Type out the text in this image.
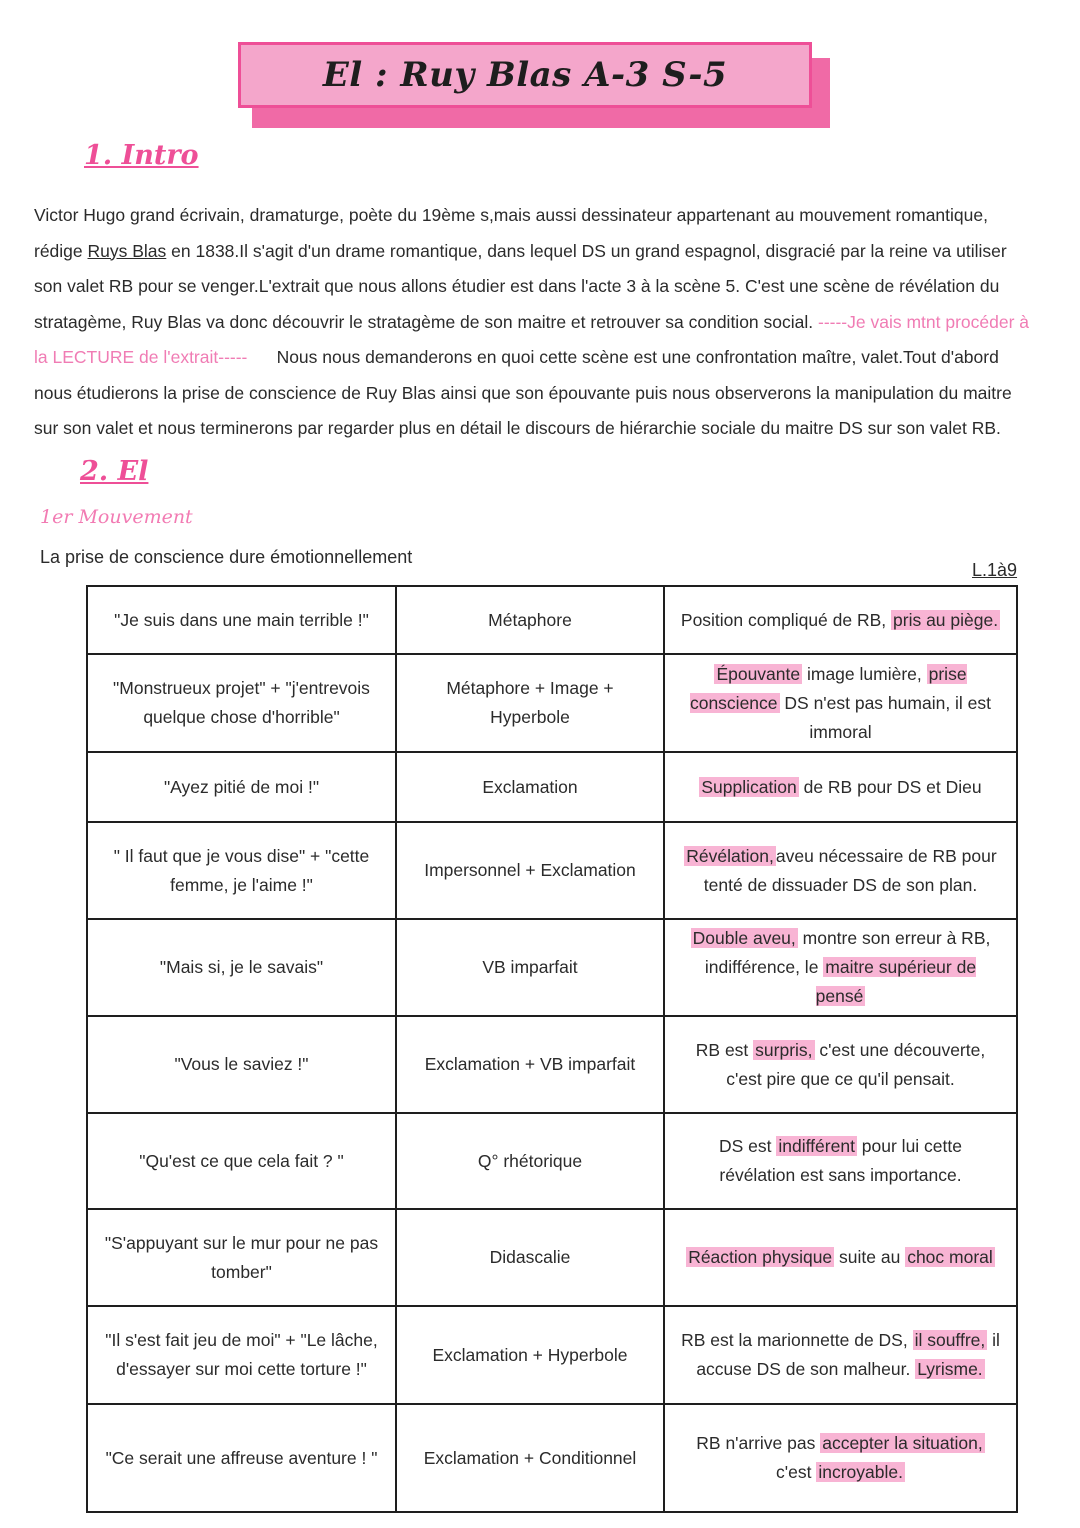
El : Ruy Blas A-3 S-5
1. Intro

Victor Hugo grand écrivain, dramaturge, poète du 19ème s,mais aussi dessinateur appartenant au mouvement romantique, rédige Ruys Blas en 1838.Il s'agit d'un drame romantique, dans lequel DS un grand espagnol, disgracié par la reine va utiliser son valet RB pour se venger.L'extrait que nous allons étudier est dans l'acte 3 à la scène 5. C'est une scène de révélation du stratagème, Ruy Blas va donc découvrir le stratagème de son maitre et retrouver sa condition social. -----Je vais mtnt procéder à la LECTURE de l'extrait-----      Nous nous demanderons en quoi cette scène est une confrontation maître, valet.Tout d'abord nous étudierons la prise de conscience de Ruy Blas ainsi que son épouvante puis nous observerons la manipulation du maitre sur son valet et nous terminerons par regarder plus en détail le discours de hiérarchie sociale du maitre DS sur son valet RB.

2. El
1er Mouvement
La prise de conscience dure émotionnellement
L.1à9
"Je suis dans une main terrible !"	Métaphore	Position compliqué de RB, pris au piège.
"Monstrueux projet" + "j'entrevois quelque chose d'horrible"	Métaphore + Image + Hyperbole	Épouvante image lumière, prise conscience DS n'est pas humain, il est immoral
"Ayez pitié de moi !"	Exclamation	Supplication de RB pour DS et Dieu
" Il faut que je vous dise" + "cette femme, je l'aime !"	Impersonnel + Exclamation	Révélation, aveu nécessaire de RB pour tenté de dissuader DS de son plan.
"Mais si, je le savais"	VB imparfait	Double aveu, montre son erreur à RB, indifférence, le maitre supérieur de pensé
"Vous le saviez !"	Exclamation + VB imparfait	RB est surpris, c'est une découverte, c'est pire que ce qu'il pensait.
"Qu'est ce que cela fait ? "	Q° rhétorique	DS est indifférent pour lui cette révélation est sans importance.
"S'appuyant sur le mur pour ne pas tomber"	Didascalie	Réaction physique suite au choc moral
"Il s'est fait jeu de moi" + "Le lâche, d'essayer sur moi cette torture !"	Exclamation + Hyperbole	RB est la marionnette de DS, il souffre, il accuse DS de son malheur. Lyrisme.
"Ce serait une affreuse aventure ! "	Exclamation + Conditionnel	RB n'arrive pas accepter la situation, c'est incroyable.
